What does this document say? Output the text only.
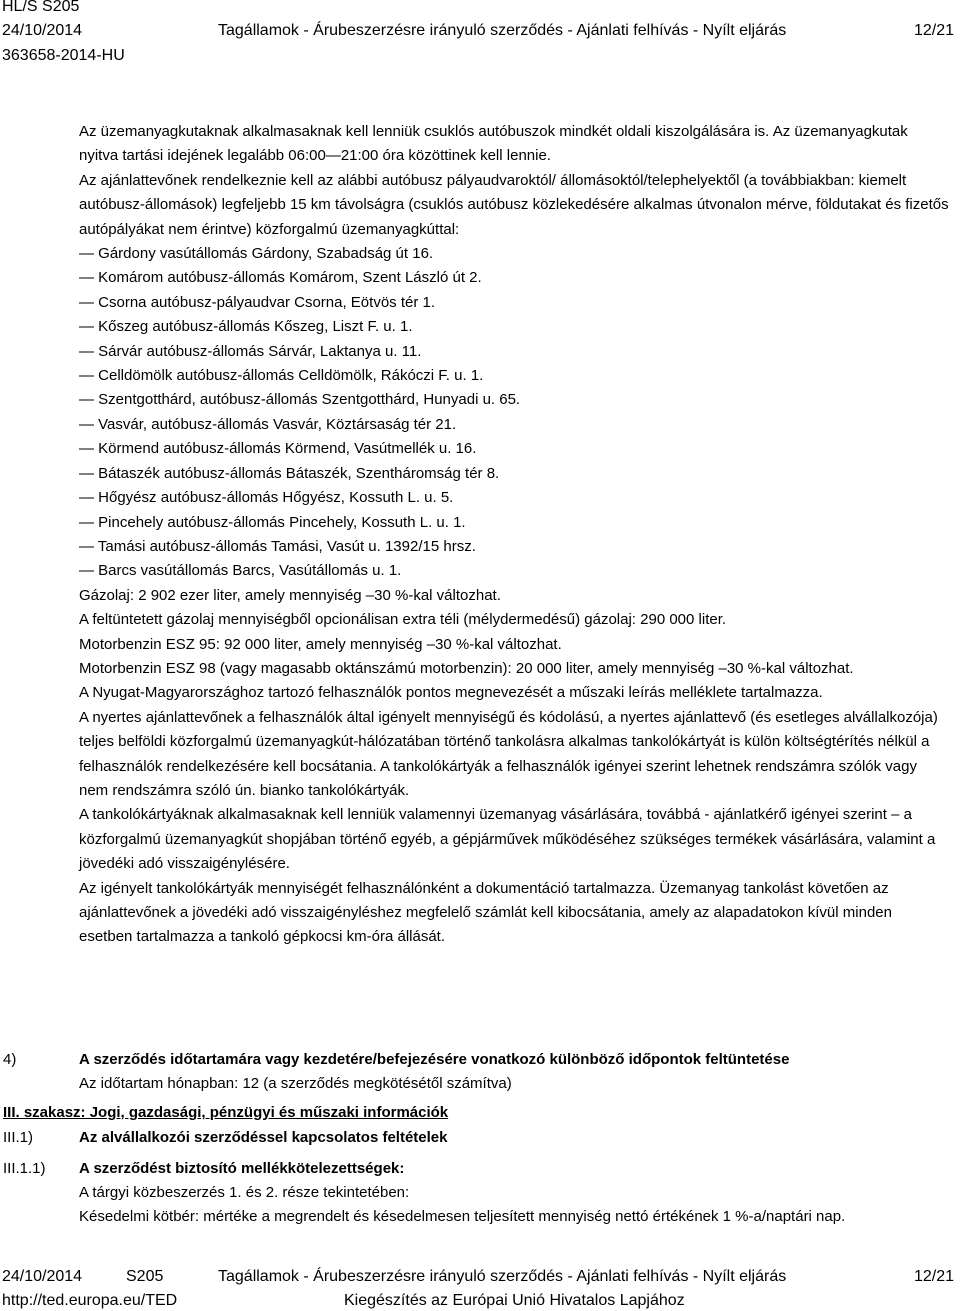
HL/S S205
24/10/2014	Tagállamok - Árubeszerzésre irányuló szerződés - Ajánlati felhívás - Nyílt eljárás	12/21
363658-2014-HU

Az üzemanyagkutaknak alkalmasaknak kell lenniük csuklós autóbuszok mindkét oldali kiszolgálására is. Az üzemanyagkutak nyitva tartási idejének legalább 06:00—21:00 óra közöttinek kell lennie.

Az ajánlattevőnek rendelkeznie kell az alábbi autóbusz pályaudvaroktól/ állomásoktól/telephelyektől (a továbbiakban: kiemelt autóbusz-állomások) legfeljebb 15 km távolságra (csuklós autóbusz közlekedésére alkalmas útvonalon mérve, földutakat és fizetős autópályákat nem érintve) közforgalmú üzemanyagkúttal:

— Gárdony vasútállomás Gárdony, Szabadság út 16.

— Komárom autóbusz-állomás Komárom, Szent László út 2.

— Csorna autóbusz-pályaudvar Csorna, Eötvös tér 1.

— Kőszeg autóbusz-állomás Kőszeg, Liszt F. u. 1.

— Sárvár autóbusz-állomás Sárvár, Laktanya u. 11.

— Celldömölk autóbusz-állomás Celldömölk, Rákóczi F. u. 1.

— Szentgotthárd, autóbusz-állomás Szentgotthárd, Hunyadi u. 65.

— Vasvár, autóbusz-állomás Vasvár, Köztársaság tér 21.

— Körmend autóbusz-állomás Körmend, Vasútmellék u. 16.

— Bátaszék autóbusz-állomás Bátaszék, Szentháromság tér 8.

— Hőgyész autóbusz-állomás Hőgyész, Kossuth L. u. 5.

— Pincehely autóbusz-állomás Pincehely, Kossuth L. u. 1.

— Tamási autóbusz-állomás Tamási, Vasút u. 1392/15 hrsz.

— Barcs vasútállomás Barcs, Vasútállomás u. 1.

Gázolaj: 2 902 ezer liter, amely mennyiség –30 %-kal változhat.

A feltüntetett gázolaj mennyiségből opcionálisan extra téli (mélydermedésű) gázolaj: 290 000 liter.

Motorbenzin ESZ 95: 92 000 liter, amely mennyiség –30 %-kal változhat.

Motorbenzin ESZ 98 (vagy magasabb oktánszámú motorbenzin): 20 000 liter, amely mennyiség –30 %-kal változhat.

A Nyugat-Magyarországhoz tartozó felhasználók pontos megnevezését a műszaki leírás melléklete tartalmazza.

A nyertes ajánlattevőnek a felhasználók által igényelt mennyiségű és kódolású, a nyertes ajánlattevő (és esetleges alvállalkozója) teljes belföldi közforgalmú üzemanyagkút-hálózatában történő tankolásra alkalmas tankolókártyát is külön költségtérítés nélkül a felhasználók rendelkezésére kell bocsátania. A tankolókártyák a felhasználók igényei szerint lehetnek rendszámra szólók vagy nem rendszámra szóló ún. bianko tankolókártyák.

A tankolókártyáknak alkalmasaknak kell lenniük valamennyi üzemanyag vásárlására, továbbá - ajánlatkérő igényei szerint – a közforgalmú üzemanyagkút shopjában történő egyéb, a gépjárművek működéséhez szükséges termékek vásárlására, valamint a jövedéki adó visszaigénylésére.

Az igényelt tankolókártyák mennyiségét felhasználónként a dokumentáció tartalmazza. Üzemanyag tankolást követően az ajánlattevőnek a jövedéki adó visszaigényléshez megfelelő számlát kell kibocsátania, amely az alapadatokon kívül minden esetben tartalmazza a tankoló gépkocsi km-óra állását.

4)	A szerződés időtartamára vagy kezdetére/befejezésére vonatkozó különböző időpontok feltüntetése
Az időtartam hónapban: 12 (a szerződés megkötésétől számítva)
III. szakasz: Jogi, gazdasági, pénzügyi és műszaki információk
III.1)	Az alvállalkozói szerződéssel kapcsolatos feltételek
III.1.1) A szerződést biztosító mellékkötelezettségek:
A tárgyi közbeszerzés 1. és 2. része tekintetében:
Késedelmi kötbér: mértéke a megrendelt és késedelmesen teljesített mennyiség nettó értékének 1 %-a/naptári nap.
24/10/2014	S205	Tagállamok - Árubeszerzésre irányuló szerződés - Ajánlati felhívás - Nyílt eljárás	12/21
http://ted.europa.eu/TED	Kiegészítés az Európai Unió Hivatalos Lapjához
